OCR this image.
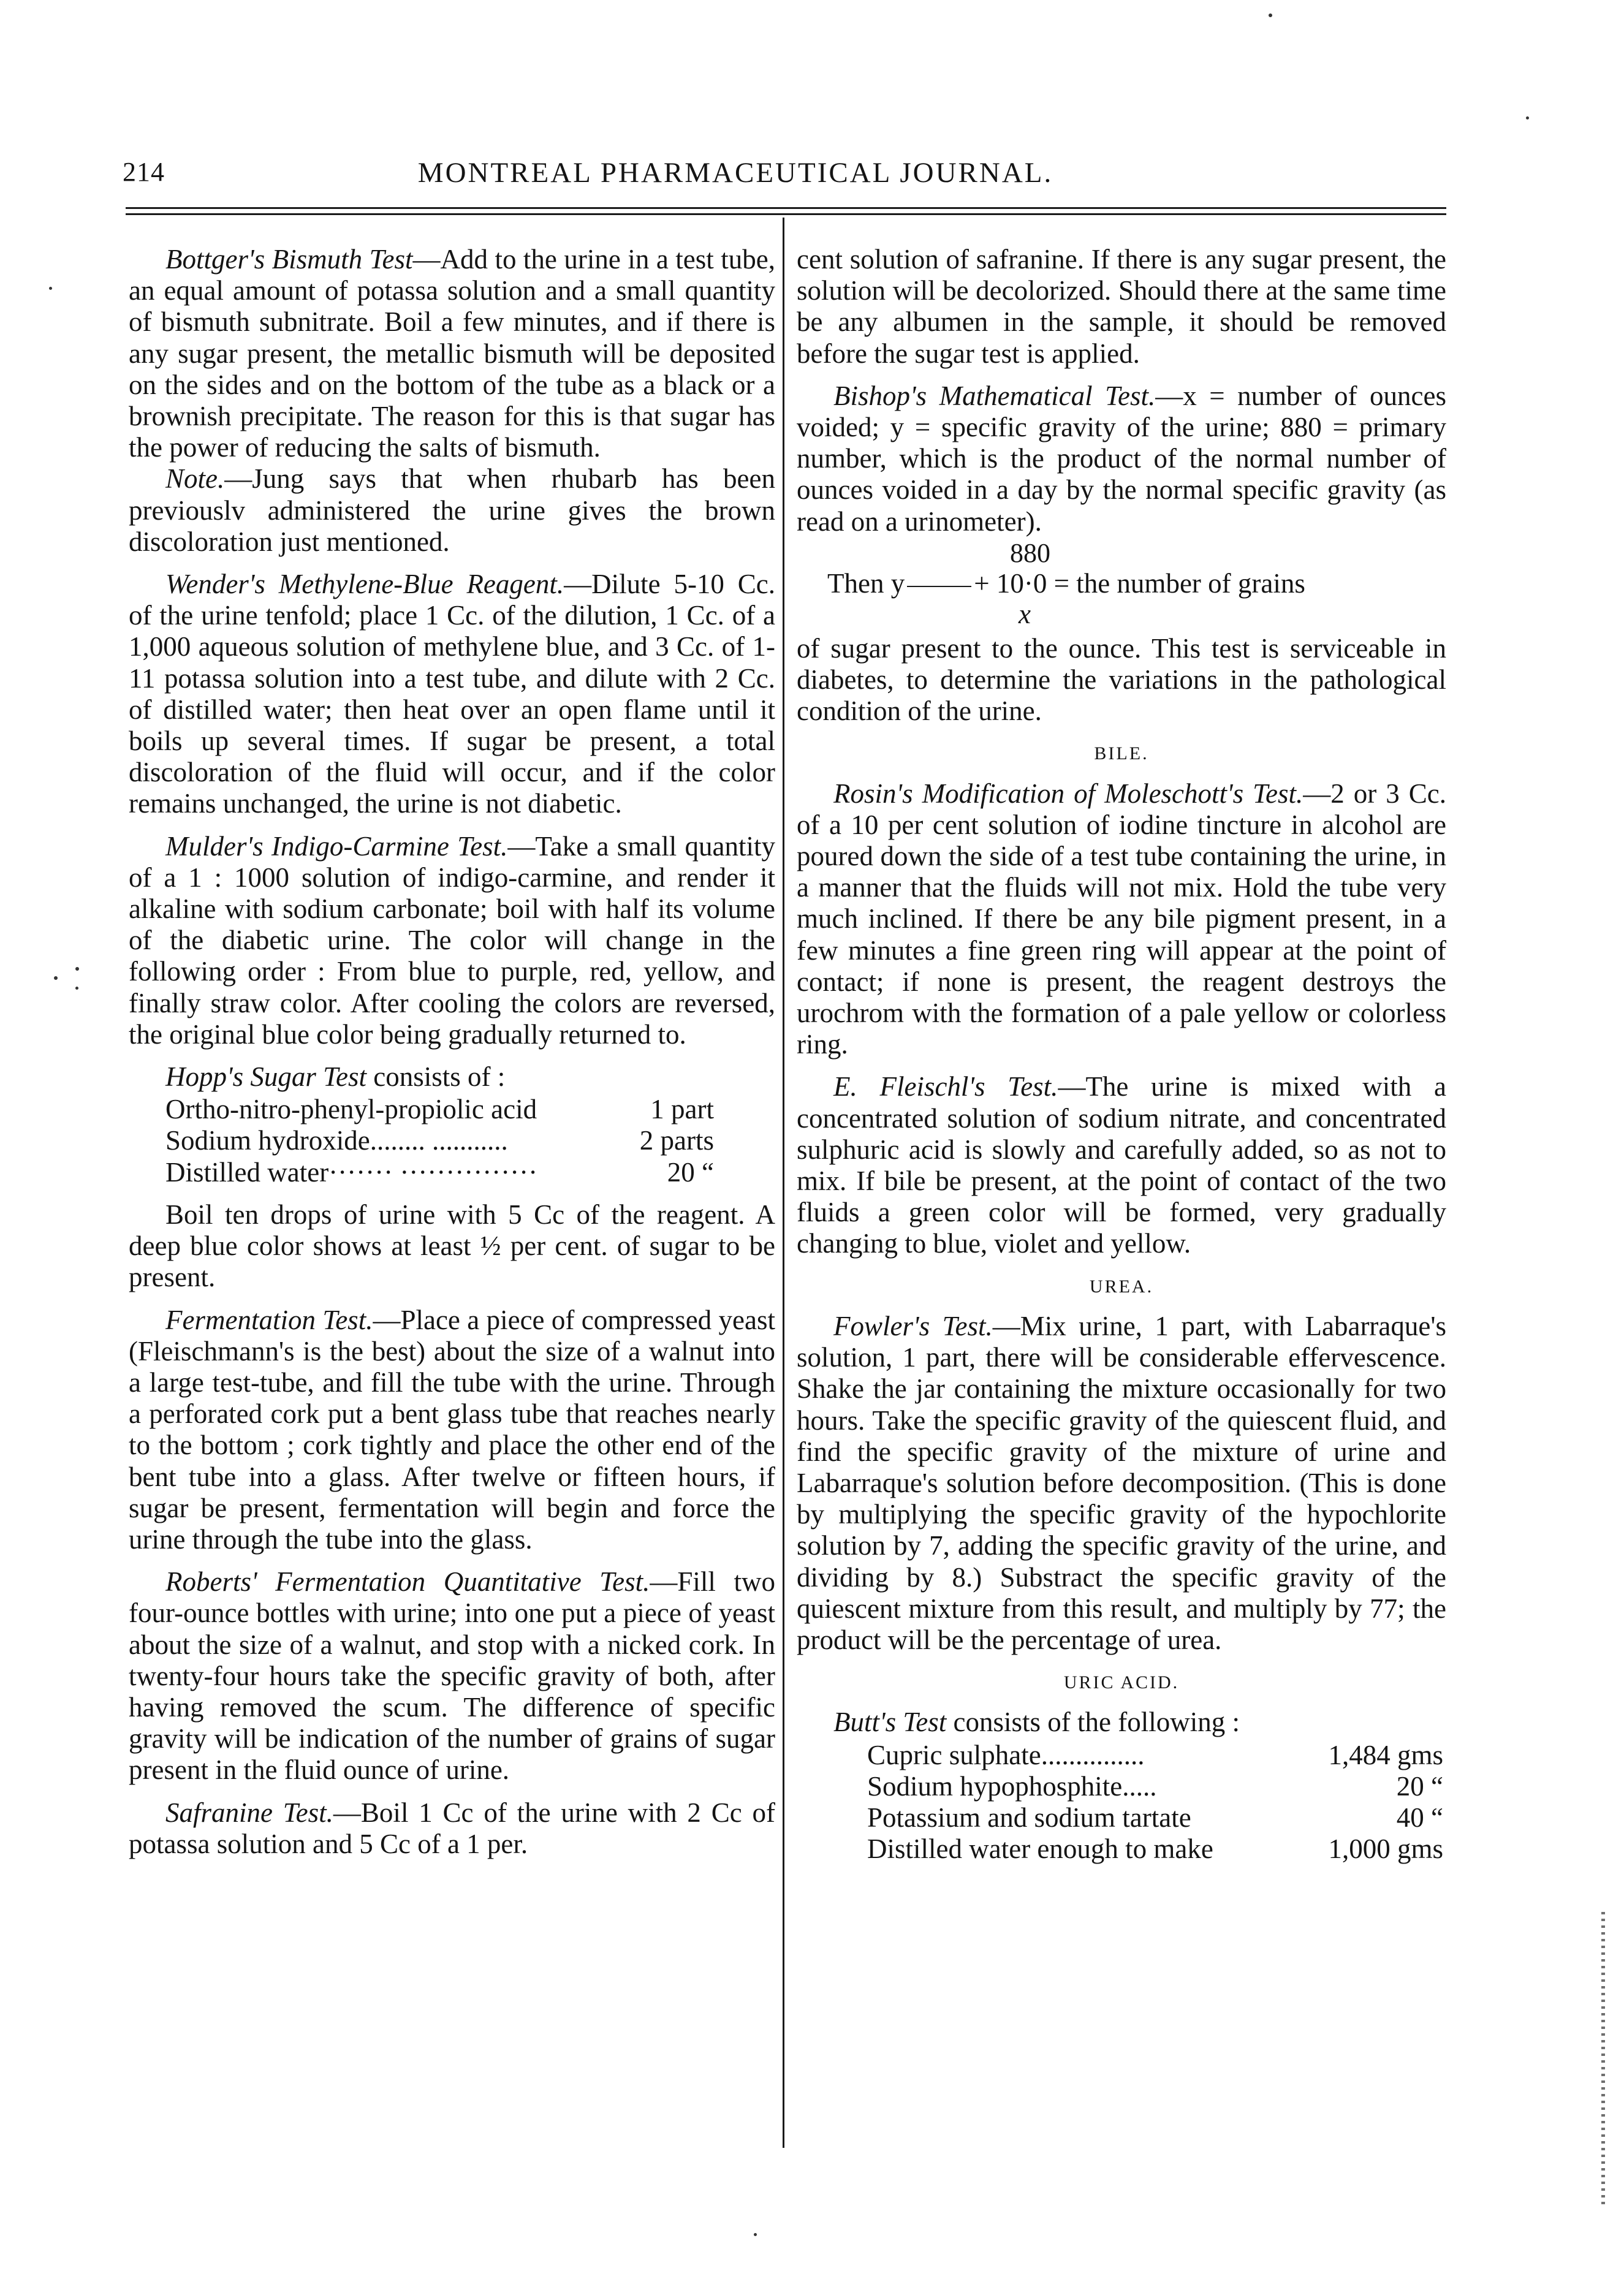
214	MONTREAL PHARMACEUTICAL JOURNAL.

Bottger's Bismuth Test—Add to the urine in a test tube, an equal amount of potassa solution and a small quantity of bismuth subnitrate. Boil a few minutes, and if there is any sugar present, the metallic bismuth will be deposited on the sides and on the bottom of the tube as a black or a brownish precipitate. The reason for this is that sugar has the power of reducing the salts of bismuth.

Note.—Jung says that when rhubarb has been previouslv administered the urine gives the brown discoloration just mentioned.

Wender's Methylene-Blue Reagent.—Dilute 5-10 Cc. of the urine tenfold; place 1 Cc. of the dilution, 1 Cc. of a 1,000 aqueous solution of methylene blue, and 3 Cc. of 1-11 potassa solution into a test tube, and dilute with 2 Cc. of distilled water; then heat over an open flame until it boils up several times. If sugar be present, a total discoloration of the fluid will occur, and if the color remains unchanged, the urine is not diabetic.

Mulder's Indigo-Carmine Test.—Take a small quantity of a 1 : 1000 solution of indigo-carmine, and render it alkaline with sodium carbonate; boil with half its volume of the diabetic urine. The color will change in the following order : From blue to purple, red, yellow, and finally straw color. After cooling the colors are reversed, the original blue color being gradually returned to.

Hopp's Sugar Test consists of :

Ortho-nitro-phenyl-propiolic acid	1 part
Sodium hydroxide........ ...........	2 parts
Distilled water······· ···············	20 “

Boil ten drops of urine with 5 Cc of the reagent. A deep blue color shows at least ½ per cent. of sugar to be present.

Fermentation Test.—Place a piece of compressed yeast (Fleischmann's is the best) about the size of a walnut into a large test-tube, and fill the tube with the urine. Through a perforated cork put a bent glass tube that reaches nearly to the bottom ; cork tightly and place the other end of the bent tube into a glass. After twelve or fifteen hours, if sugar be present, fermentation will begin and force the urine through the tube into the glass.

Roberts' Fermentation Quantitative Test.—Fill two four-ounce bottles with urine; into one put a piece of yeast about the size of a walnut, and stop with a nicked cork. In twenty-four hours take the specific gravity of both, after having removed the scum. The difference of specific gravity will be indication of the number of grains of sugar present in the fluid ounce of urine.

Safranine Test.—Boil 1 Cc of the urine with 2 Cc of potassa solution and 5 Cc of a 1 per.

cent solution of safranine. If there is any sugar present, the solution will be decolorized. Should there at the same time be any albumen in the sample, it should be removed before the sugar test is applied.

Bishop's Mathematical Test.—x = number of ounces voided; y = specific gravity of the urine; 880 = primary number, which is the product of the normal number of ounces voided in a day by the normal specific gravity (as read on a urinometer).

880
Then y	+ 10·0 = the number of grains
x

of sugar present to the ounce. This test is serviceable in diabetes, to determine the variations in the pathological condition of the urine.

BILE.

Rosin's Modification of Moleschott's Test.—2 or 3 Cc. of a 10 per cent solution of iodine tincture in alcohol are poured down the side of a test tube containing the urine, in a manner that the fluids will not mix. Hold the tube very much inclined. If there be any bile pigment present, in a few minutes a fine green ring will appear at the point of contact; if none is present, the reagent destroys the urochrom with the formation of a pale yellow or colorless ring.

E. Fleischl's Test.—The urine is mixed with a concentrated solution of sodium nitrate, and concentrated sulphuric acid is slowly and carefully added, so as not to mix. If bile be present, at the point of contact of the two fluids a green color will be formed, very gradually changing to blue, violet and yellow.

UREA.

Fowler's Test.—Mix urine, 1 part, with Labarraque's solution, 1 part, there will be considerable effervescence. Shake the jar containing the mixture occasionally for two hours. Take the specific gravity of the quiescent fluid, and find the specific gravity of the mixture of urine and Labarraque's solution before decomposition. (This is done by multiplying the specific gravity of the hypochlorite solution by 7, adding the specific gravity of the urine, and dividing by 8.) Substract the specific gravity of the quiescent mixture from this result, and multiply by 77; the product will be the percentage of urea.

URIC ACID.

Butt's Test consists of the following :

Cupric sulphate...............	1,484 gms
Sodium hypophosphite.....	20 “
Potassium and sodium tartate	40 “
Distilled water enough to make	1,000 gms
